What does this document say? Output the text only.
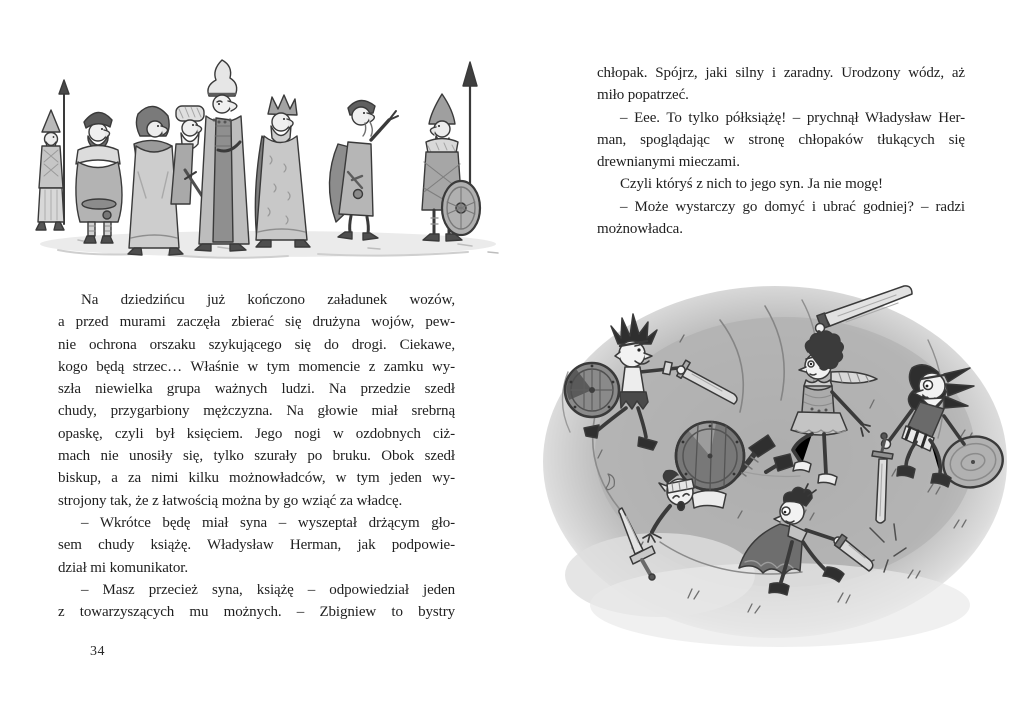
Na dziedzińcu już kończono załadunek wozów,
a przed murami zaczęła zbierać się drużyna wojów, pew-
nie ochrona orszaku szykującego się do drogi. Ciekawe,
kogo będą strzec… Właśnie w tym momencie z zamku wy-
szła niewielka grupa ważnych ludzi. Na przedzie szedł
chudy, przygarbiony mężczyzna. Na głowie miał srebrną
opaskę, czyli był księciem. Jego nogi w ozdobnych ciż-
mach nie unosiły się, tylko szurały po bruku. Obok szedł
biskup, a za nimi kilku możnowładców, w tym jeden wy-
strojony tak, że z łatwością można by go wziąć za władcę.
– Wkrótce będę miał syna – wyszeptał drżącym gło-
sem chudy książę. Władysław Herman, jak podpowie-
dział mi komunikator.
– Masz przecież syna, książę – odpowiedział jeden
z towarzyszących mu możnych. – Zbigniew to bystry
34
chłopak. Spójrz, jaki silny i zaradny. Urodzony wódz, aż
miło popatrzeć.
– Eee. To tylko półksiążę! – prychnął Władysław Her-
man, spoglądając w stronę chłopaków tłukących się
drewnianymi mieczami.
Czyli któryś z nich to jego syn. Ja nie mogę!
– Może wystarczy go domyć i ubrać godniej? – radzi
możnowładca.
